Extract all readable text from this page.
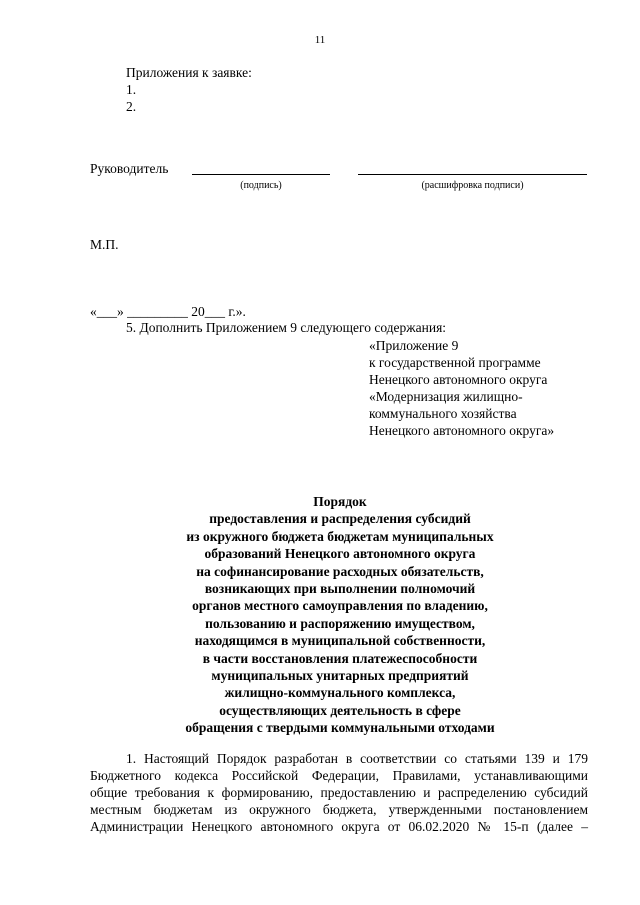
11
Приложения к заявке:
1.
2.
Руководитель
(подпись)	(расшифровка подписи)
М.П.
«___» _________ 20___ г.».
5. Дополнить Приложением 9 следующего содержания:
«Приложение 9
к государственной программе
Ненецкого автономного округа
«Модернизация жилищно-
коммунального хозяйства
Ненецкого автономного округа»
Порядок
предоставления и распределения субсидий
из окружного бюджета бюджетам муниципальных
образований Ненецкого автономного округа
на софинансирование расходных обязательств,
возникающих при выполнении полномочий
органов местного самоуправления по владению,
пользованию и распоряжению имуществом,
находящимся в муниципальной собственности,
в части восстановления платежеспособности
муниципальных унитарных предприятий
жилищно-коммунального комплекса,
осуществляющих деятельность в сфере
обращения с твердыми коммунальными отходами
1. Настоящий Порядок разработан в соответствии со статьями 139 и 179
Бюджетного кодекса Российской Федерации, Правилами, устанавливающими
общие требования к формированию, предоставлению и распределению субсидий
местным бюджетам из окружного бюджета, утвержденными постановлением
Администрации Ненецкого автономного округа от 06.02.2020 № 15-п (далее –
